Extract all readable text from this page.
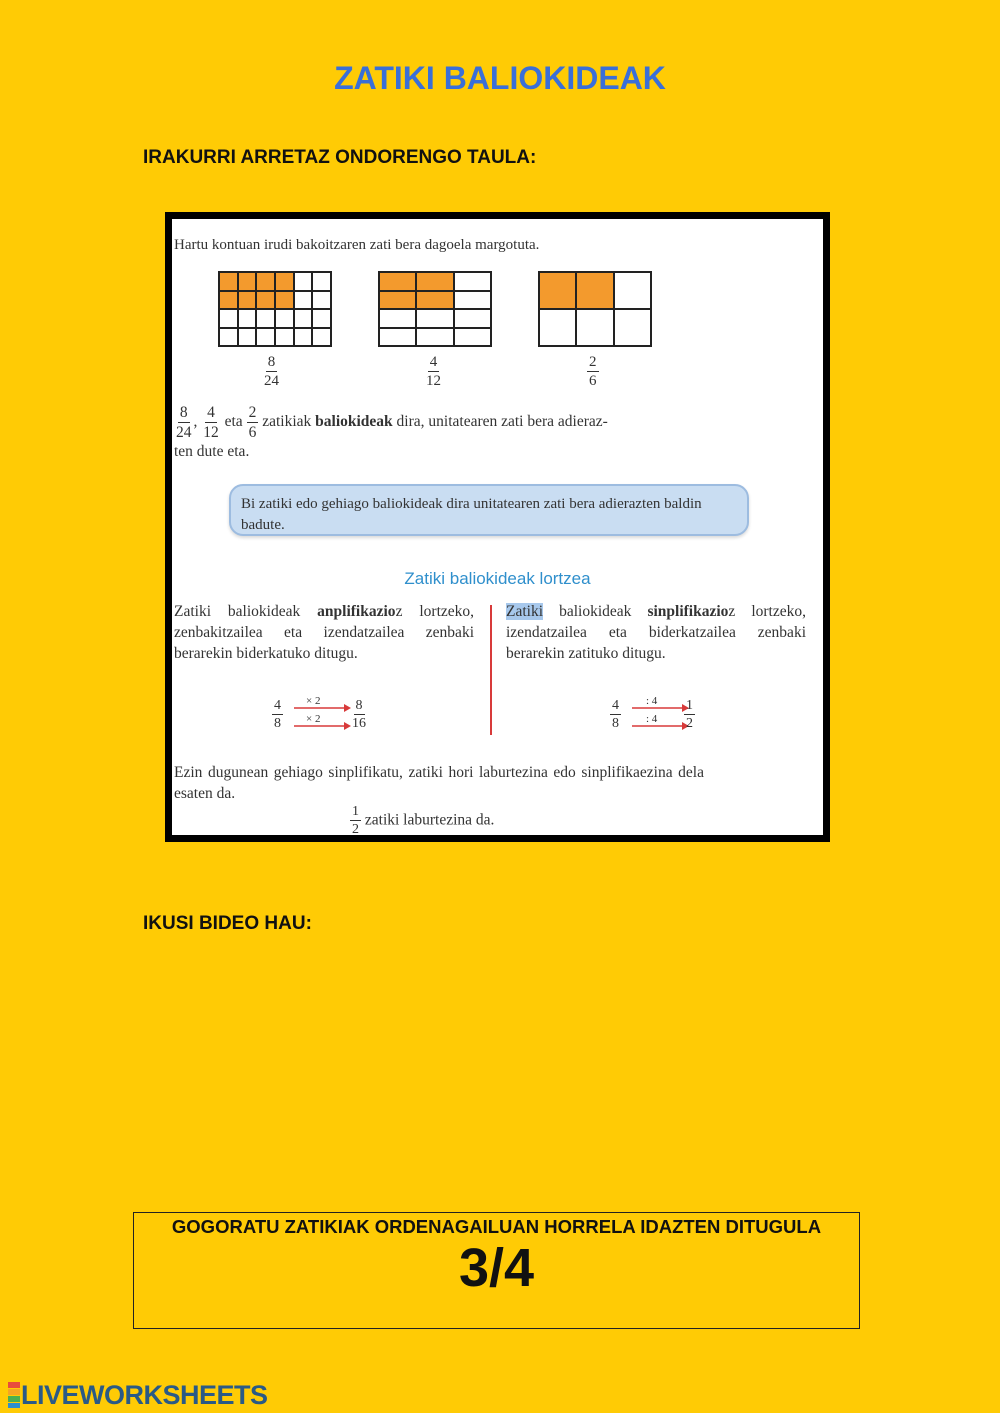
ZATIKI BALIOKIDEAK
IRAKURRI ARRETAZ ONDORENGO TAULA:
Hartu kontuan irudi bakoitzaren zati bera dagoela margotuta.
$\frac{8}{24}$	$\frac{4}{12}$	$\frac{2}{6}$
$\frac{8}{24}$ , $\frac{4}{12}$ eta $\frac{2}{6}$ zatikiak baliokideak dira, unitatearen zati bera adieraz-
ten dute eta.
Bi zatiki edo gehiago baliokideak dira unitatearen zati bera adierazten baldin badute.
Zatiki baliokideak lortzea
Zatiki baliokideak anplifikazioz lortzeko, zenbakitzailea eta izendatzailea zenbaki berarekin biderkatuko ditugu.
Zatiki baliokideak sinplifikazioz lortzeko, izendatzailea eta biderkatzailea zenbaki berarekin zatituko ditugu.
$\frac{4}{8} \times 2$
× $2 \frac{8}{16}$	$\frac{4}{8}$ : 4
: $4 \frac{1}{2}$
Ezin dugunean gehiago sinplifikatu, zatiki hori laburtezina edo sinplifikaezina dela esaten da.
$\frac{1}{2}$ zatiki laburtezina da.
IKUSI BIDEO HAU:
GOGORATU ZATIKIAK ORDENAGAILUAN HORRELA IDAZTEN DITUGULA
3/4
LIVEWORKSHEETS
